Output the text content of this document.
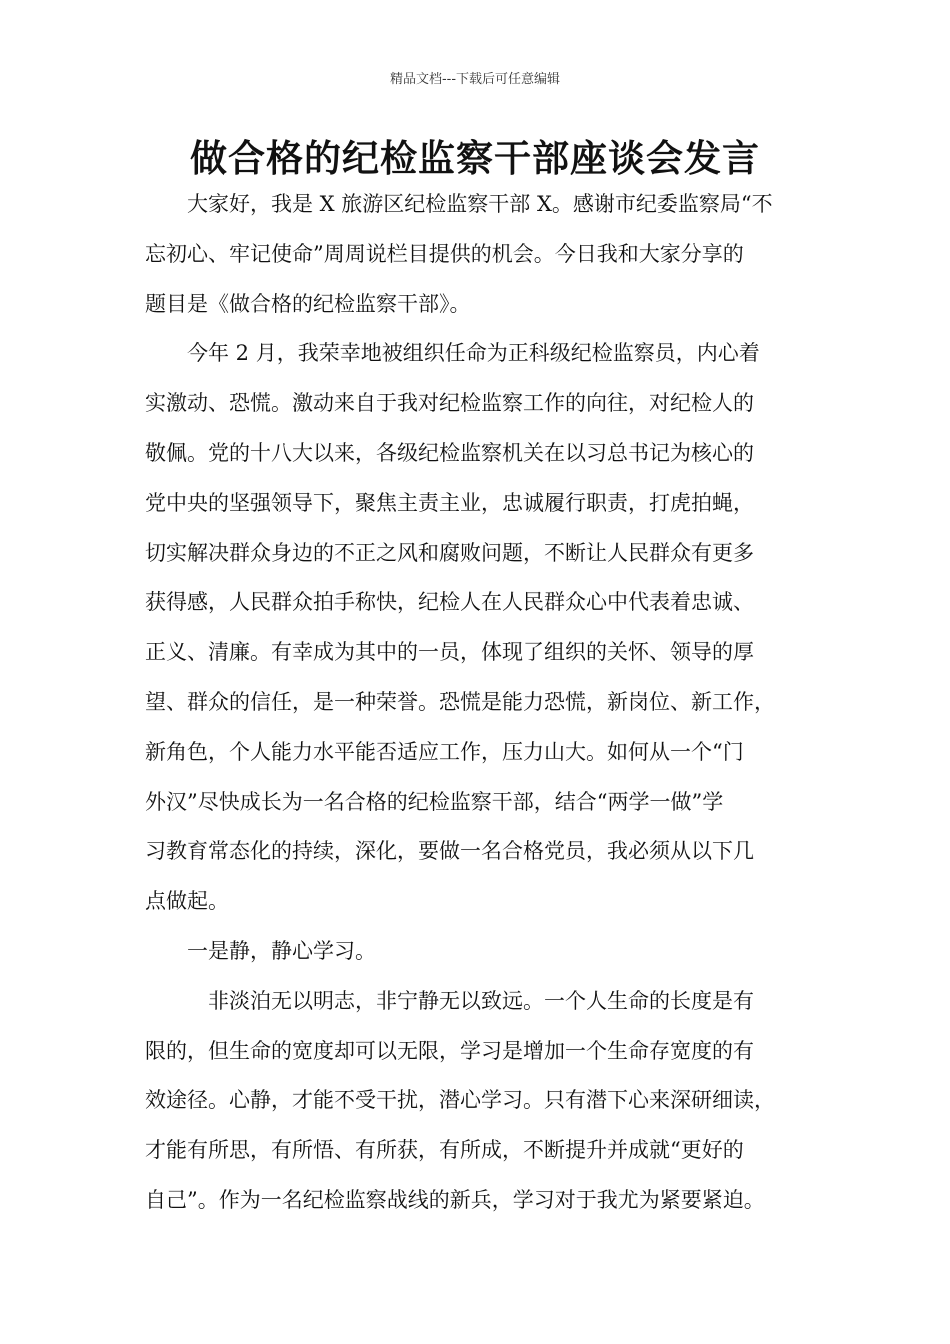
精品文档---下载后可任意编辑
做合格的纪检监察干部座谈会发言

大家好，我是 X 旅游区纪检监察干部 X。感谢市纪委监察局“不
忘初心、牢记使命”周周说栏目提供的机会。今日我和大家分享的
题目是《做合格的纪检监察干部》。

今年 2 月，我荣幸地被组织任命为正科级纪检监察员，内心着
实激动、恐慌。激动来自于我对纪检监察工作的向往，对纪检人的
敬佩。党的十八大以来，各级纪检监察机关在以习总书记为核心的
党中央的坚强领导下，聚焦主责主业，忠诚履行职责，打虎拍蝇，
切实解决群众身边的不正之风和腐败问题，不断让人民群众有更多
获得感，人民群众拍手称快，纪检人在人民群众心中代表着忠诚、
正义、清廉。有幸成为其中的一员，体现了组织的关怀、领导的厚
望、群众的信任，是一种荣誉。恐慌是能力恐慌，新岗位、新工作，
新角色，个人能力水平能否适应工作，压力山大。如何从一个“门
外汉”尽快成长为一名合格的纪检监察干部，结合“两学一做”学
习教育常态化的持续，深化，要做一名合格党员，我必须从以下几
点做起。

一是静，静心学习。

非淡泊无以明志，非宁静无以致远。一个人生命的长度是有
限的，但生命的宽度却可以无限，学习是增加一个生命存宽度的有
效途径。心静，才能不受干扰，潜心学习。只有潜下心来深研细读，
才能有所思，有所悟、有所获，有所成，不断提升并成就“更好的
自己”。作为一名纪检监察战线的新兵，学习对于我尤为紧要紧迫。
